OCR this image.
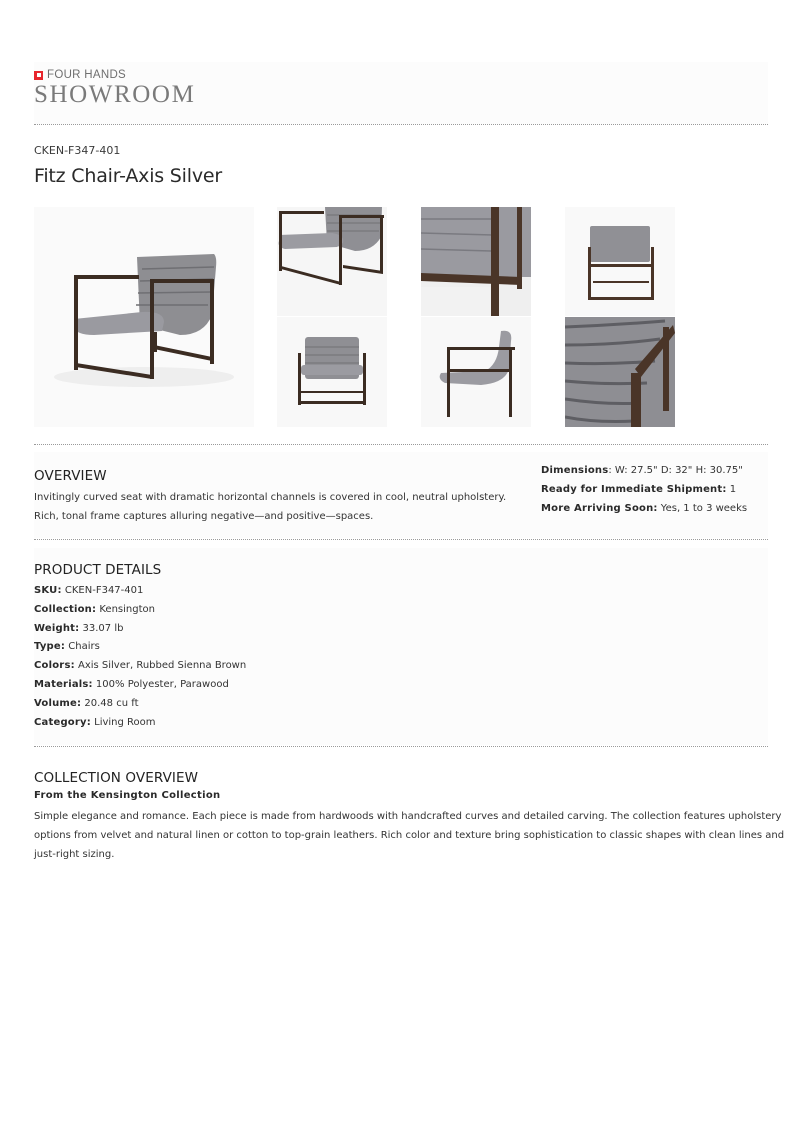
FOUR HANDS
SHOWROOM
CKEN-F347-401
Fitz Chair-Axis Silver
OVERVIEW
Invitingly curved seat with dramatic horizontal channels is covered in cool, neutral upholstery.
Rich, tonal frame captures alluring negative—and positive—spaces.
Dimensions: W: 27.5" D: 32" H: 30.75"
Ready for Immediate Shipment: 1
More Arriving Soon: Yes, 1 to 3 weeks
PRODUCT DETAILS
SKU: CKEN-F347-401
Collection: Kensington
Weight: 33.07 lb
Type: Chairs
Colors: Axis Silver, Rubbed Sienna Brown
Materials: 100% Polyester, Parawood
Volume: 20.48 cu ft
Category: Living Room
COLLECTION OVERVIEW
From the Kensington Collection
Simple elegance and romance. Each piece is made from hardwoods with handcrafted curves and detailed carving. The collection features upholstery
options from velvet and natural linen or cotton to top-grain leathers. Rich color and texture bring sophistication to classic shapes with clean lines and
just-right sizing.
